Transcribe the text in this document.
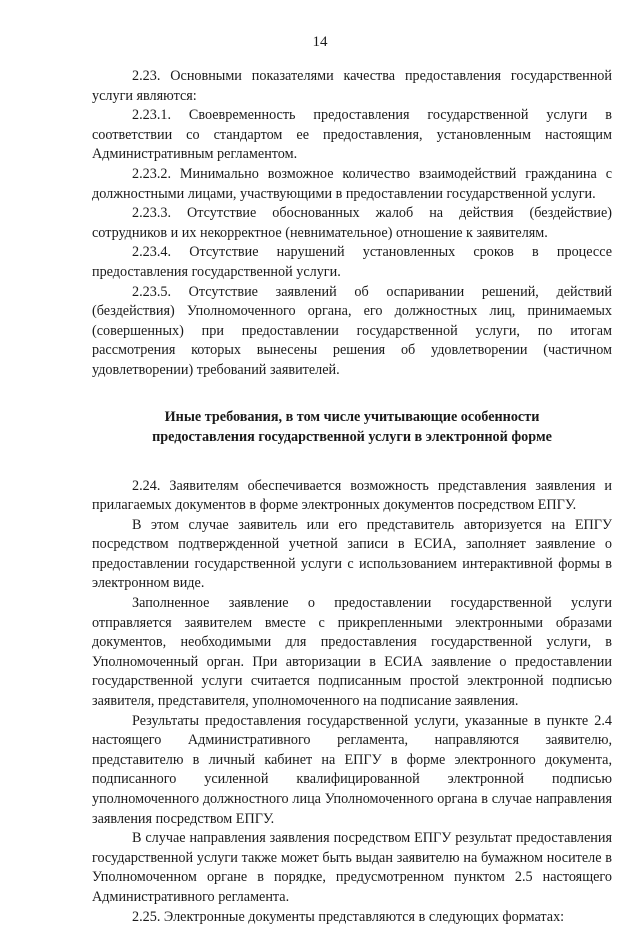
14

2.23. Основными показателями качества предоставления государственной услуги являются:

2.23.1. Своевременность предоставления государственной услуги в соответствии со стандартом ее предоставления, установленным настоящим Административным регламентом.

2.23.2. Минимально возможное количество взаимодействий гражданина с должностными лицами, участвующими в предоставлении государственной услуги.

2.23.3. Отсутствие обоснованных жалоб на действия (бездействие) сотрудников и их некорректное (невнимательное) отношение к заявителям.

2.23.4. Отсутствие нарушений установленных сроков в процессе предоставления государственной услуги.

2.23.5. Отсутствие заявлений об оспаривании решений, действий (бездействия) Уполномоченного органа, его должностных лиц, принимаемых (совершенных) при предоставлении государственной услуги, по итогам рассмотрения которых вынесены решения об удовлетворении (частичном удовлетворении) требований заявителей.

Иные требования, в том числе учитывающие особенности
предоставления государственной услуги в электронной форме

2.24. Заявителям обеспечивается возможность представления заявления и прилагаемых документов в форме электронных документов посредством ЕПГУ.

В этом случае заявитель или его представитель авторизуется на ЕПГУ посредством подтвержденной учетной записи в ЕСИА, заполняет заявление о предоставлении государственной услуги с использованием интерактивной формы в электронном виде.

Заполненное заявление о предоставлении государственной услуги отправляется заявителем вместе с прикрепленными электронными образами документов, необходимыми для предоставления государственной услуги, в Уполномоченный орган. При авторизации в ЕСИА заявление о предоставлении государственной услуги считается подписанным простой электронной подписью заявителя, представителя, уполномоченного на подписание заявления.

Результаты предоставления государственной услуги, указанные в пункте 2.4 настоящего Административного регламента, направляются заявителю, представителю в личный кабинет на ЕПГУ в форме электронного документа, подписанного усиленной квалифицированной электронной подписью уполномоченного должностного лица Уполномоченного органа в случае направления заявления посредством ЕПГУ.

В случае направления заявления посредством ЕПГУ результат предоставления государственной услуги также может быть выдан заявителю на бумажном носителе в Уполномоченном органе в порядке, предусмотренном пунктом 2.5 настоящего Административного регламента.

2.25. Электронные документы представляются в следующих форматах:
